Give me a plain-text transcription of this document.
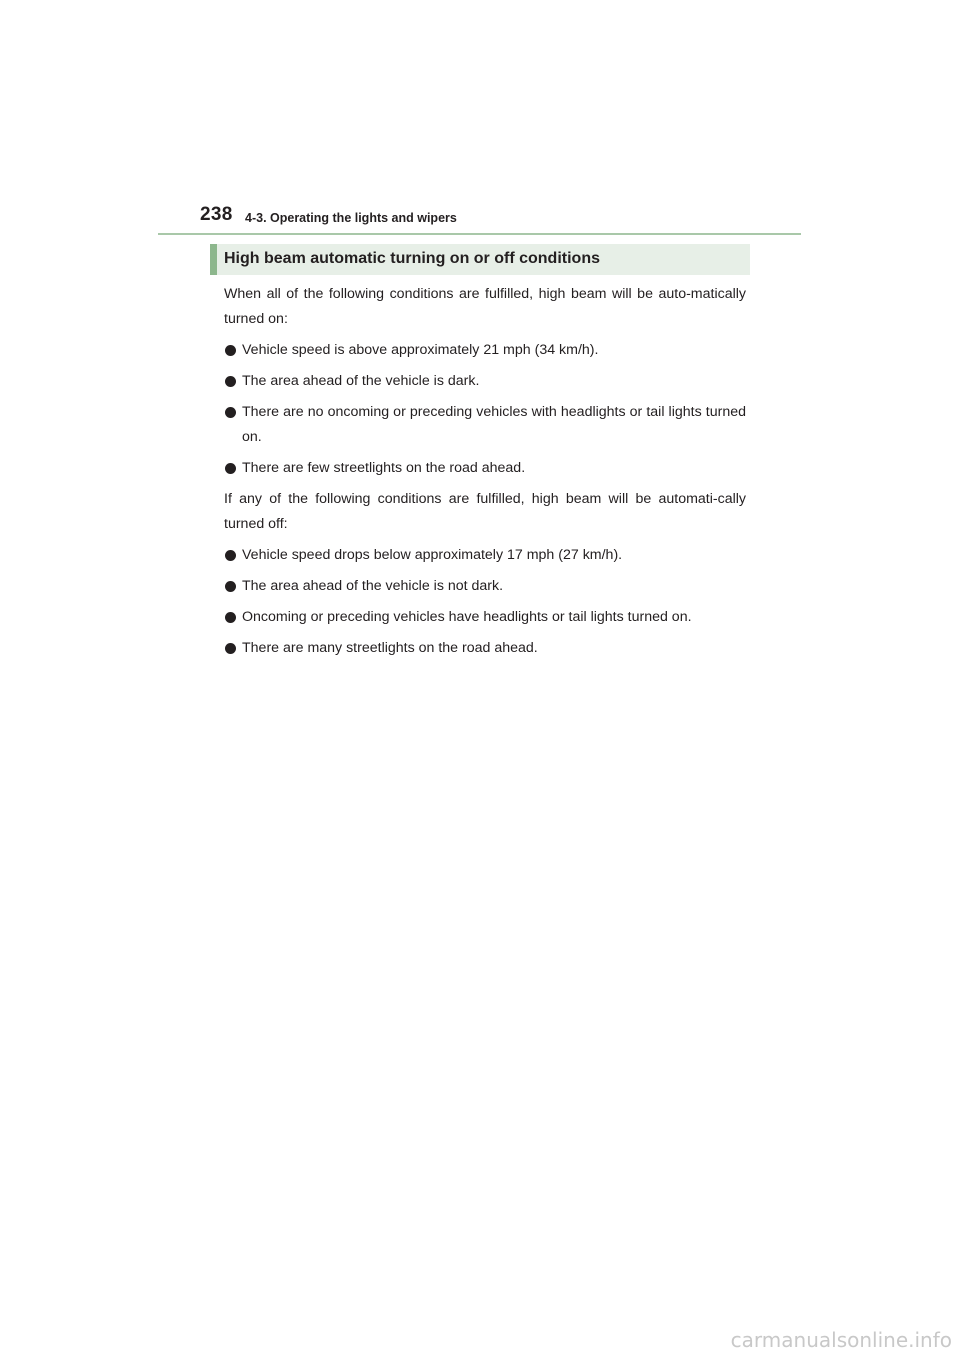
238 4-3. Operating the lights and wipers
High beam automatic turning on or off conditions

When all of the following conditions are fulfilled, high beam will be auto-matically turned on:

Vehicle speed is above approximately 21 mph (34 km/h).
The area ahead of the vehicle is dark.
There are no oncoming or preceding vehicles with headlights or tail lights turned on.
There are few streetlights on the road ahead.

If any of the following conditions are fulfilled, high beam will be automati-cally turned off:

Vehicle speed drops below approximately 17 mph (27 km/h).
The area ahead of the vehicle is not dark.
Oncoming or preceding vehicles have headlights or tail lights turned on.
There are many streetlights on the road ahead.
carmanualsonline.info
